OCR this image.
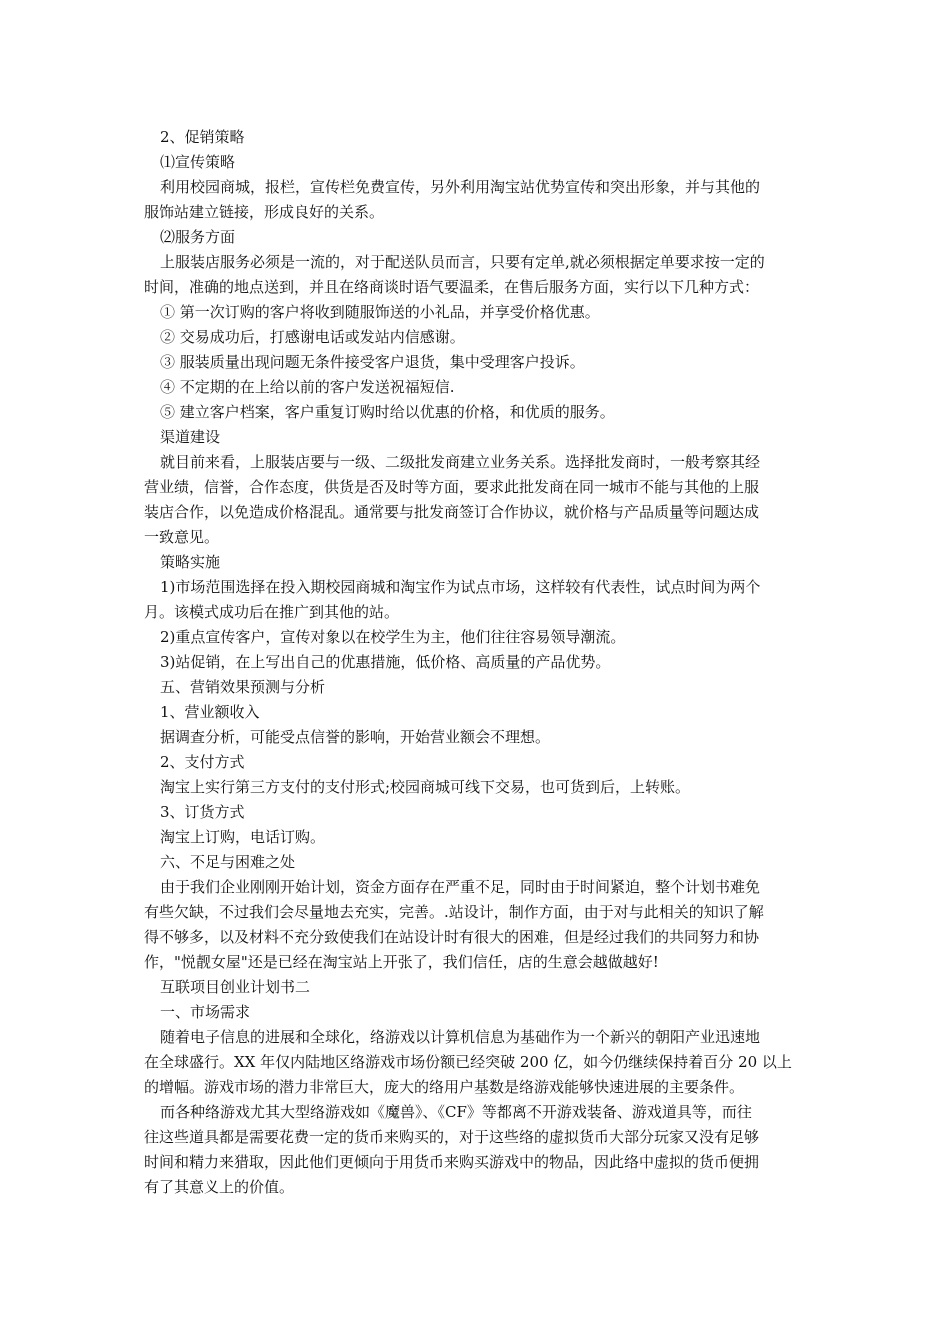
2、促销策略
⑴宣传策略
利用校园商城，报栏，宣传栏免费宣传，另外利用淘宝站优势宣传和突出形象，并与其他的
服饰站建立链接，形成良好的关系。
⑵服务方面
上服装店服务必须是一流的，对于配送队员而言，只要有定单,就必须根据定单要求按一定的
时间，准确的地点送到，并且在络商谈时语气要温柔，在售后服务方面，实行以下几种方式：
① 第一次订购的客户将收到随服饰送的小礼品，并享受价格优惠。
② 交易成功后，打感谢电话或发站内信感谢。
③ 服装质量出现问题无条件接受客户退货，集中受理客户投诉。
④ 不定期的在上给以前的客户发送祝福短信.
⑤ 建立客户档案，客户重复订购时给以优惠的价格，和优质的服务。
渠道建设
就目前来看，上服装店要与一级、二级批发商建立业务关系。选择批发商时，一般考察其经
营业绩，信誉，合作态度，供货是否及时等方面，要求此批发商在同一城市不能与其他的上服
装店合作，以免造成价格混乱。通常要与批发商签订合作协议，就价格与产品质量等问题达成
一致意见。
策略实施
1)市场范围选择在投入期校园商城和淘宝作为试点市场，这样较有代表性，试点时间为两个
月。该模式成功后在推广到其他的站。
2)重点宣传客户，宣传对象以在校学生为主，他们往往容易领导潮流。
3)站促销，在上写出自己的优惠措施，低价格、高质量的产品优势。
五、营销效果预测与分析
1、营业额收入
据调查分析，可能受点信誉的影响，开始营业额会不理想。
2、支付方式
淘宝上实行第三方支付的支付形式;校园商城可线下交易，也可货到后，上转账。
3、订货方式
淘宝上订购，电话订购。
六、不足与困难之处
由于我们企业刚刚开始计划，资金方面存在严重不足，同时由于时间紧迫，整个计划书难免
有些欠缺，不过我们会尽量地去充实，完善。.站设计，制作方面，由于对与此相关的知识了解
得不够多，以及材料不充分致使我们在站设计时有很大的困难，但是经过我们的共同努力和协
作，"悦靓女屋"还是已经在淘宝站上开张了，我们信任，店的生意会越做越好!
互联项目创业计划书二
一、市场需求
随着电子信息的进展和全球化，络游戏以计算机信息为基础作为一个新兴的朝阳产业迅速地
在全球盛行。XX 年仅内陆地区络游戏市场份额已经突破 200 亿，如今仍继续保持着百分 20 以上
的增幅。游戏市场的潜力非常巨大，庞大的络用户基数是络游戏能够快速进展的主要条件。
而各种络游戏尤其大型络游戏如《魔兽》、《CF》等都离不开游戏装备、游戏道具等，而往
往这些道具都是需要花费一定的货币来购买的，对于这些络的虚拟货币大部分玩家又没有足够
时间和精力来猎取，因此他们更倾向于用货币来购买游戏中的物品，因此络中虚拟的货币便拥
有了其意义上的价值。
